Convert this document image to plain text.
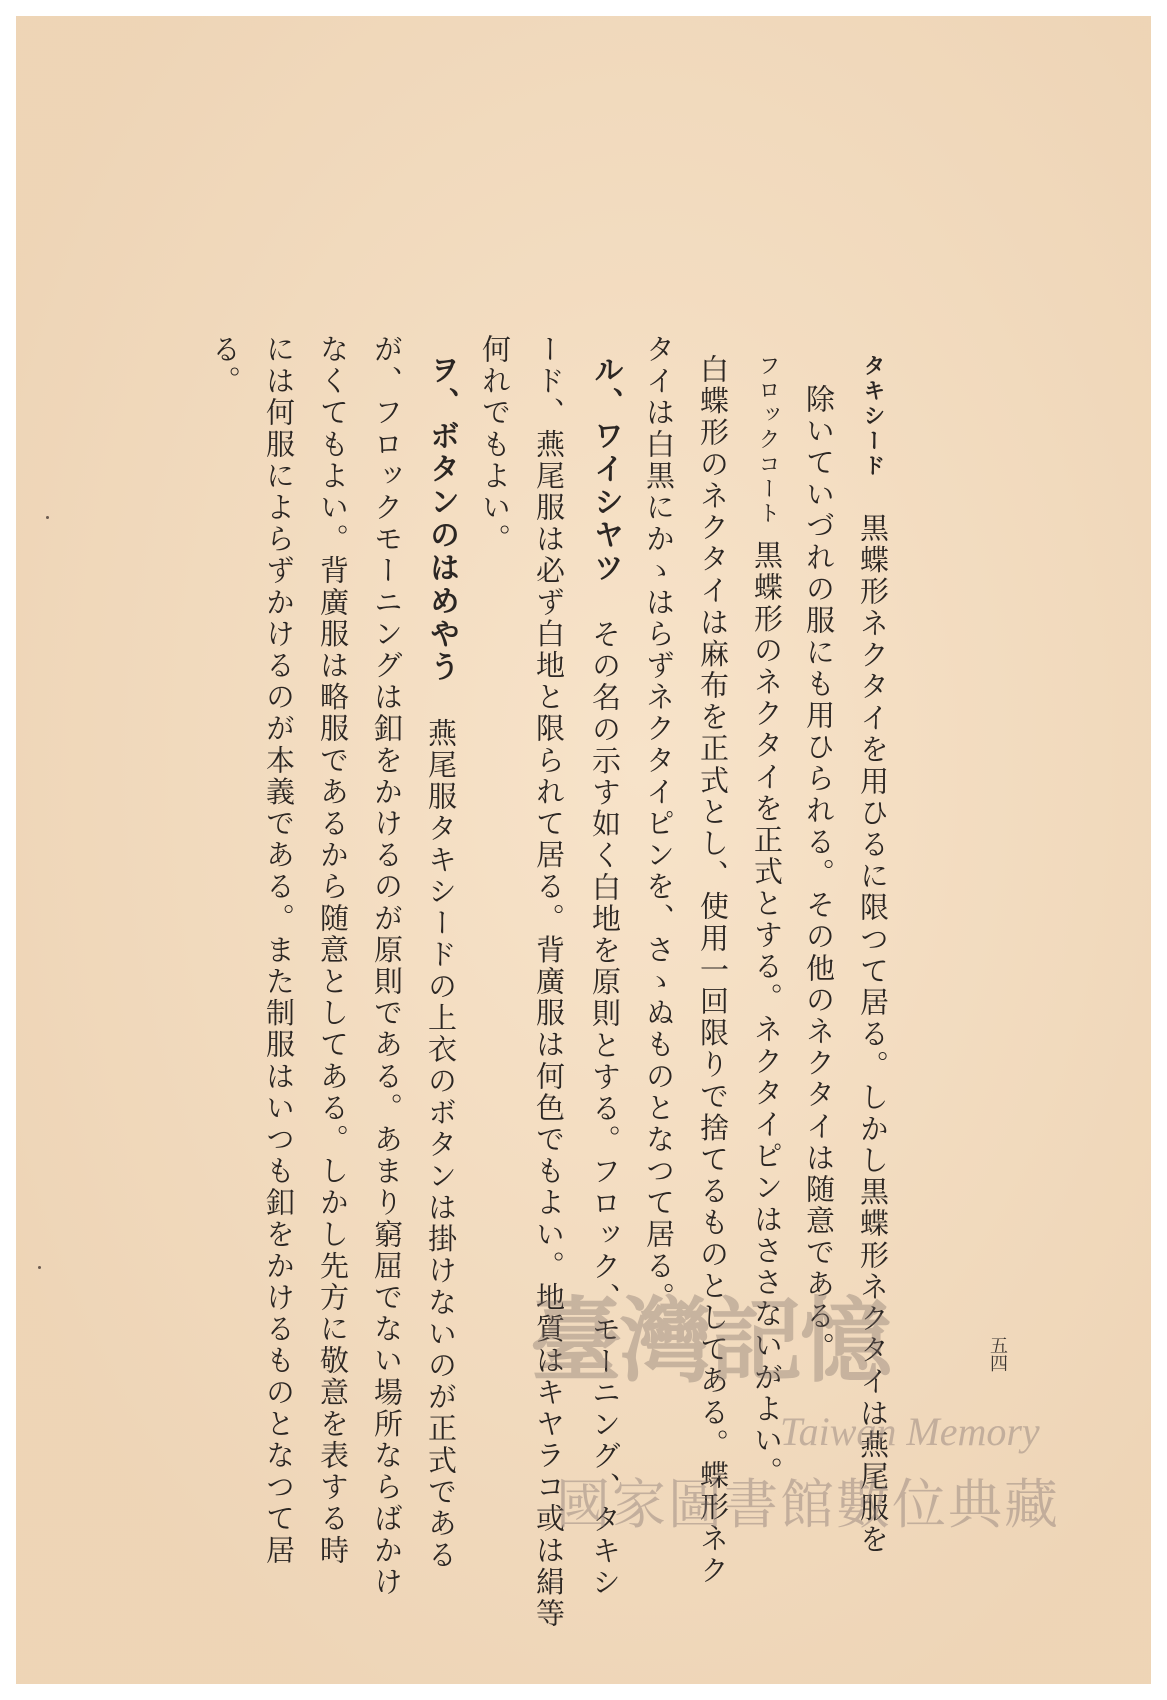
タキシード黒蝶形ネクタイを用ひるに限つて居る。しかし黒蝶形ネクタイは燕尾服を
除いていづれの服にも用ひられる。その他のネクタイは随意である。
フロックコート黒蝶形のネクタイを正式とする。ネクタイピンはささないがよい。
白蝶形のネクタイは麻布を正式とし、使用一回限りで捨てるものとしてある。蝶形ネク
タイは白黒にかゝはらずネクタイピンを、さゝぬものとなつて居る。
ル、ワイシヤツその名の示す如く白地を原則とする。フロック、モーニング、タキシ
ード、燕尾服は必ず白地と限られて居る。背廣服は何色でもよい。地質はキヤラコ或は絹等
何れでもよい。
ヲ、ボタンのはめやう燕尾服タキシードの上衣のボタンは掛けないのが正式である
が、フロックモーニングは釦をかけるのが原則である。あまり窮屈でない場所ならばかけ
なくてもよい。背廣服は略服であるから随意としてある。しかし先方に敬意を表する時
には何服によらずかけるのが本義である。また制服はいつも釦をかけるものとなつて居
る。
五四
臺灣記憶
Taiwan Memory
國家圖書館數位典藏
